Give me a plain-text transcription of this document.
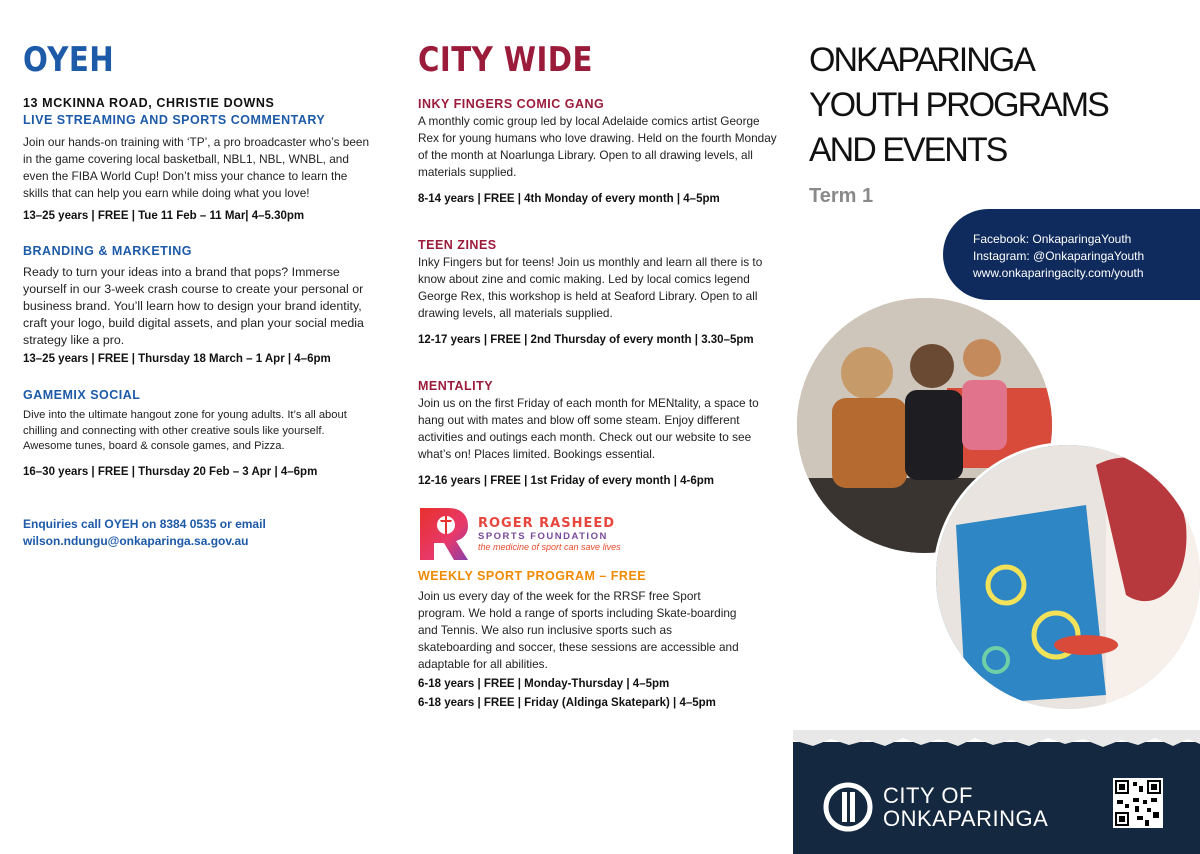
OYEH
13 MCKINNA ROAD, CHRISTIE DOWNS
LIVE STREAMING AND SPORTS COMMENTARY
Join our hands-on training with ‘TP’, a pro broadcaster who’s been in the game covering local basketball, NBL1, NBL, WNBL, and even the FIBA World Cup! Don’t miss your chance to learn the skills that can help you earn while doing what you love!
13–25 years | FREE | Tue 11 Feb – 11 Mar| 4–5.30pm
BRANDING & MARKETING
Ready to turn your ideas into a brand that pops? Immerse yourself in our 3-week crash course to create your personal or business brand. You’ll learn how to design your brand identity, craft your logo, build digital assets, and plan your social media strategy like a pro.
13–25 years | FREE | Thursday 18 March – 1 Apr | 4–6pm
GAMEMIX SOCIAL
Dive into the ultimate hangout zone for young adults. It’s all about chilling and connecting with other creative souls like yourself. Awesome tunes, board & console games, and Pizza.
16–30 years | FREE | Thursday 20 Feb – 3 Apr | 4–6pm
Enquiries call OYEH on 8384 0535 or email wilson.ndungu@onkaparinga.sa.gov.au
CITY WIDE
INKY FINGERS COMIC GANG
A monthly comic group led by local Adelaide comics artist George Rex for young humans who love drawing. Held on the fourth Monday of the month at Noarlunga Library. Open to all drawing levels, all materials supplied.
8-14 years | FREE | 4th Monday of every month | 4–5pm
TEEN ZINES
Inky Fingers but for teens! Join us monthly and learn all there is to know about zine and comic making. Led by local comics legend George Rex, this workshop is held at Seaford Library. Open to all drawing levels, all materials supplied.
12-17 years | FREE | 2nd Thursday of every month | 3.30–5pm
MENTALITY
Join us on the first Friday of each month for MENtality, a space to hang out with mates and blow off some steam. Enjoy different activities and outings each month. Check out our website to see what’s on! Places limited. Bookings essential.
12-16 years | FREE | 1st Friday of every month | 4-6pm
ROGER RASHEED
SPORTS FOUNDATION
the medicine of sport can save lives
WEEKLY SPORT PROGRAM – FREE
Join us every day of the week for the RRSF free Sport program. We hold a range of sports including Skate-boarding and Tennis. We also run inclusive sports such as skateboarding and soccer, these sessions are accessible and adaptable for all abilities.
6-18 years | FREE | Monday-Thursday | 4–5pm
6-18 years | FREE | Friday (Aldinga Skatepark) | 4–5pm
ONKAPARINGA
YOUTH PROGRAMS
AND EVENTS
Term 1
Facebook: OnkaparingaYouth
Instagram: @OnkaparingaYouth
www.onkaparingacity.com/youth
CITY OF
ONKAPARINGA
